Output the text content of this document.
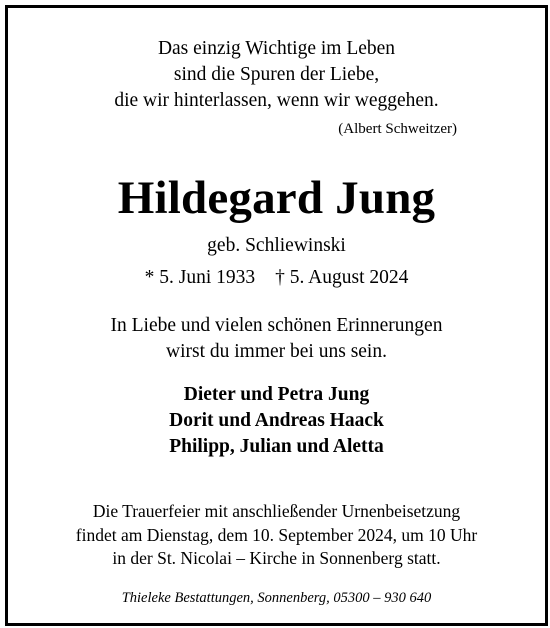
Das einzig Wichtige im Leben
sind die Spuren der Liebe,
die wir hinterlassen, wenn wir weggehen.
(Albert Schweitzer)
Hildegard Jung
geb. Schliewinski
* 5. Juni 1933 † 5. August 2024
In Liebe und vielen schönen Erinnerungen
wirst du immer bei uns sein.
Dieter und Petra Jung
Dorit und Andreas Haack
Philipp, Julian und Aletta
Die Trauerfeier mit anschließender Urnenbeisetzung
findet am Dienstag, dem 10. September 2024, um 10 Uhr
in der St. Nicolai – Kirche in Sonnenberg statt.
Thieleke Bestattungen, Sonnenberg, 05300 – 930 640
